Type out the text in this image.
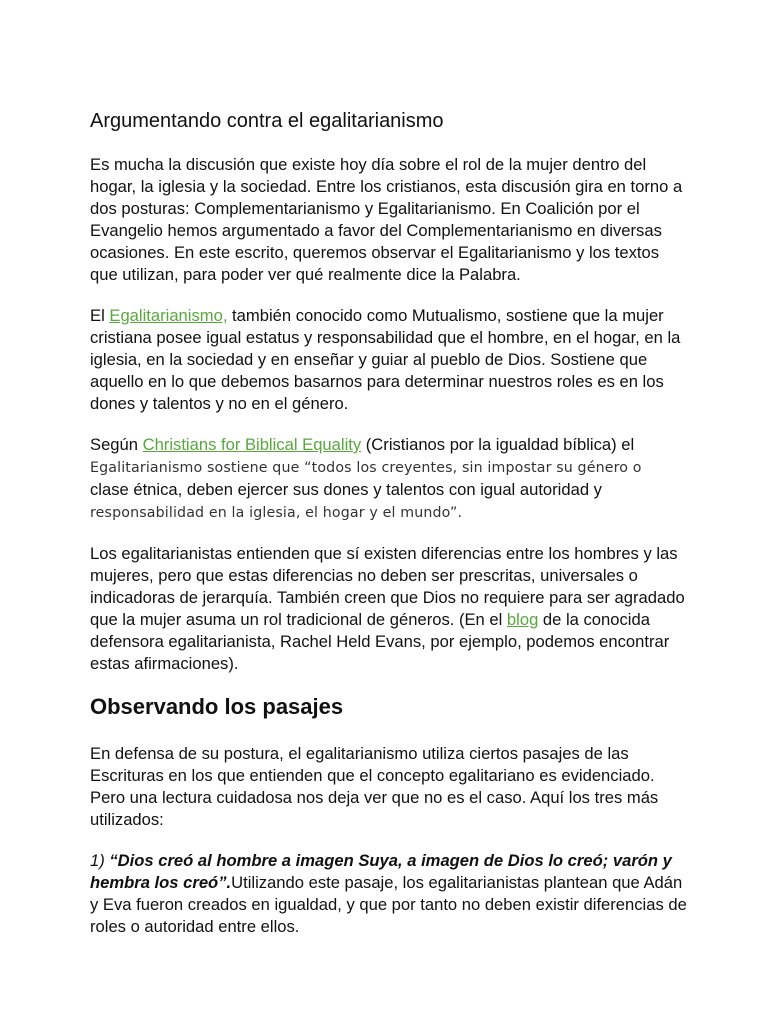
Argumentando contra el egalitarianismo

Es mucha la discusión que existe hoy día sobre el rol de la mujer dentro del hogar, la iglesia y la sociedad. Entre los cristianos, esta discusión gira en torno a dos posturas: Complementarianismo y Egalitarianismo. En Coalición por el Evangelio hemos argumentado a favor del Complementarianismo en diversas ocasiones. En este escrito, queremos observar el Egalitarianismo y los textos que utilizan, para poder ver qué realmente dice la Palabra.

El Egalitarianismo, también conocido como Mutualismo, sostiene que la mujer cristiana posee igual estatus y responsabilidad que el hombre, en el hogar, en la iglesia, en la sociedad y en enseñar y guiar al pueblo de Dios. Sostiene que aquello en lo que debemos basarnos para determinar nuestros roles es en los dones y talentos y no en el género.

Según Christians for Biblical Equality (Cristianos por la igualdad bíblica) el
Egalitarianismo sostiene que “todos los creyentes, sin impostar su género o
clase étnica, deben ejercer sus dones y talentos con igual autoridad y
responsabilidad en la iglesia, el hogar y el mundo”.

Los egalitarianistas entienden que sí existen diferencias entre los hombres y las mujeres, pero que estas diferencias no deben ser prescritas, universales o indicadoras de jerarquía. También creen que Dios no requiere para ser agradado que la mujer asuma un rol tradicional de géneros. (En el blog de la conocida defensora egalitarianista, Rachel Held Evans, por ejemplo, podemos encontrar estas afirmaciones).

Observando los pasajes

En defensa de su postura, el egalitarianismo utiliza ciertos pasajes de las Escrituras en los que entienden que el concepto egalitariano es evidenciado. Pero una lectura cuidadosa nos deja ver que no es el caso. Aquí los tres más utilizados:

1) “Dios creó al hombre a imagen Suya, a imagen de Dios lo creó; varón y hembra los creó”.Utilizando este pasaje, los egalitarianistas plantean que Adán y Eva fueron creados en igualdad, y que por tanto no deben existir diferencias de roles o autoridad entre ellos.
